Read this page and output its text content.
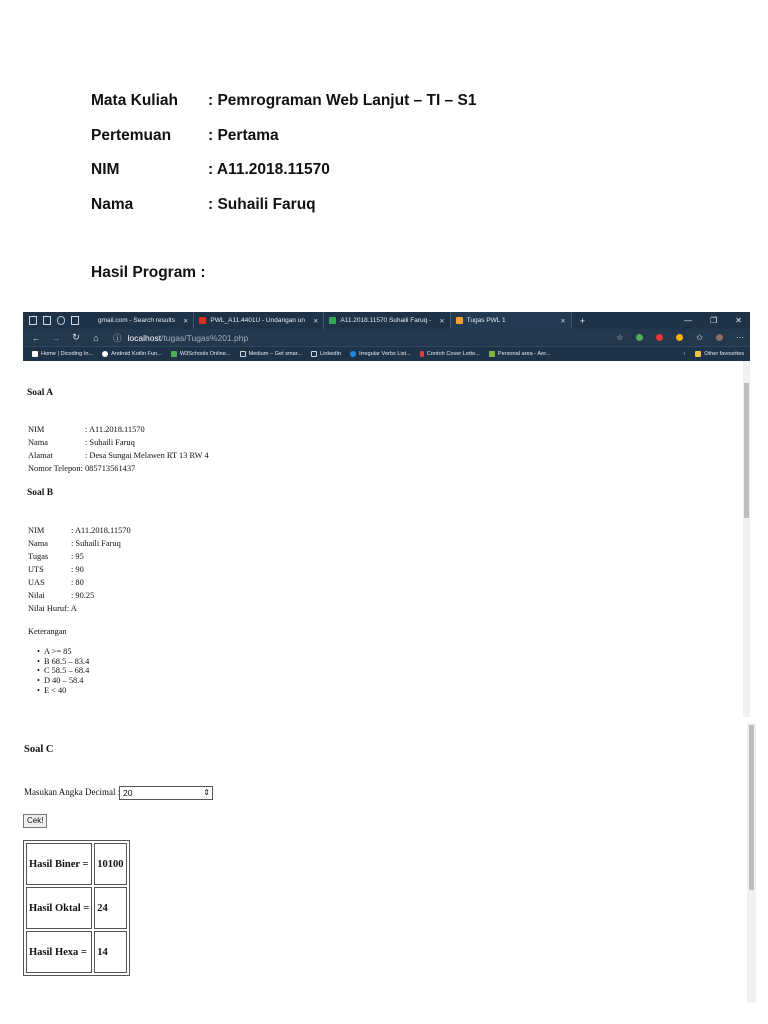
Mata Kuliah	: Pemrograman Web Lanjut – TI – S1
Pertemuan	: Pertama
NIM	: A11.2018.11570
Nama	: Suhaili Faruq
Hasil Program :
gmail.com - Search results ✕	PWL_A11.4401U - Undangan un ✕	A11.2018.11570 Suhaili Faruq - ✕	Tugas PWL 1	✕ +	— ❐ ✕
← →	↻	⌂	ⓘ localhost /tugas/Tugas%201.php	☆	✩	⋯
Home | Dicoding In...	Android Kotlin Fun...	W3Schools Online...	Medium – Get smar...	LinkedIn	Irregular Verbs List...	Contoh Cover Lette...	Personal area - Aer...	›	Other favourites
Soal A
NIM	: A11.2018.11570
Nama	: Suhaili Faruq
Alamat	: Desa Sungai Melawen RT 13 RW 4
Nomor Telepon : 085713561437
Soal B
NIM	: A11.2018.11570
Nama	: Suhaili Faruq
Tugas	: 95
UTS	: 90
UAS	: 80
Nilai	: 90.25
Nilai Huruf : A
Keterangan
• A >= 85
• B 68.5 – 83.4
• C 58.5 – 68.4
• D 40 – 58.4
• E < 40
Soal C
Masukan Angka Decimal : 20	⇕
Cek!
Hasil Biner =	10100
Hasil Oktal =	24
Hasil Hexa =	14
